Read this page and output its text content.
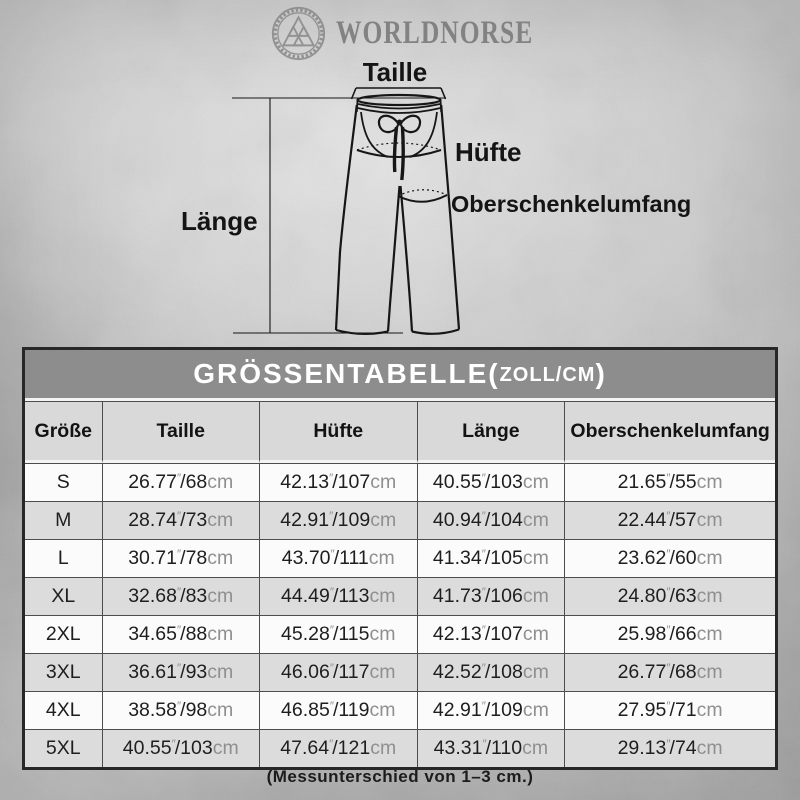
WORLDNORSE
Taille
Hüfte
Oberschenkelumfang
Länge
GRÖSSENTABELLE( ZOLL/CM )
Größe	Taille	Hüfte	Länge	Oberschenkelumfang
S	26.77″/68cm	42.13″/107cm	40.55″/103cm	21.65″/55cm
M	28.74″/73cm	42.91″/109cm	40.94″/104cm	22.44″/57cm
L	30.71″/78cm	43.70″/111cm	41.34″/105cm	23.62″/60cm
XL	32.68″/83cm	44.49″/113cm	41.73″/106cm	24.80″/63cm
2XL	34.65″/88cm	45.28″/115cm	42.13″/107cm	25.98″/66cm
3XL	36.61″/93cm	46.06″/117cm	42.52″/108cm	26.77″/68cm
4XL	38.58″/98cm	46.85″/119cm	42.91″/109cm	27.95″/71cm
5XL	40.55″/103cm	47.64″/121cm	43.31″/110cm	29.13″/74cm
(Messunterschied von 1–3 cm.)
